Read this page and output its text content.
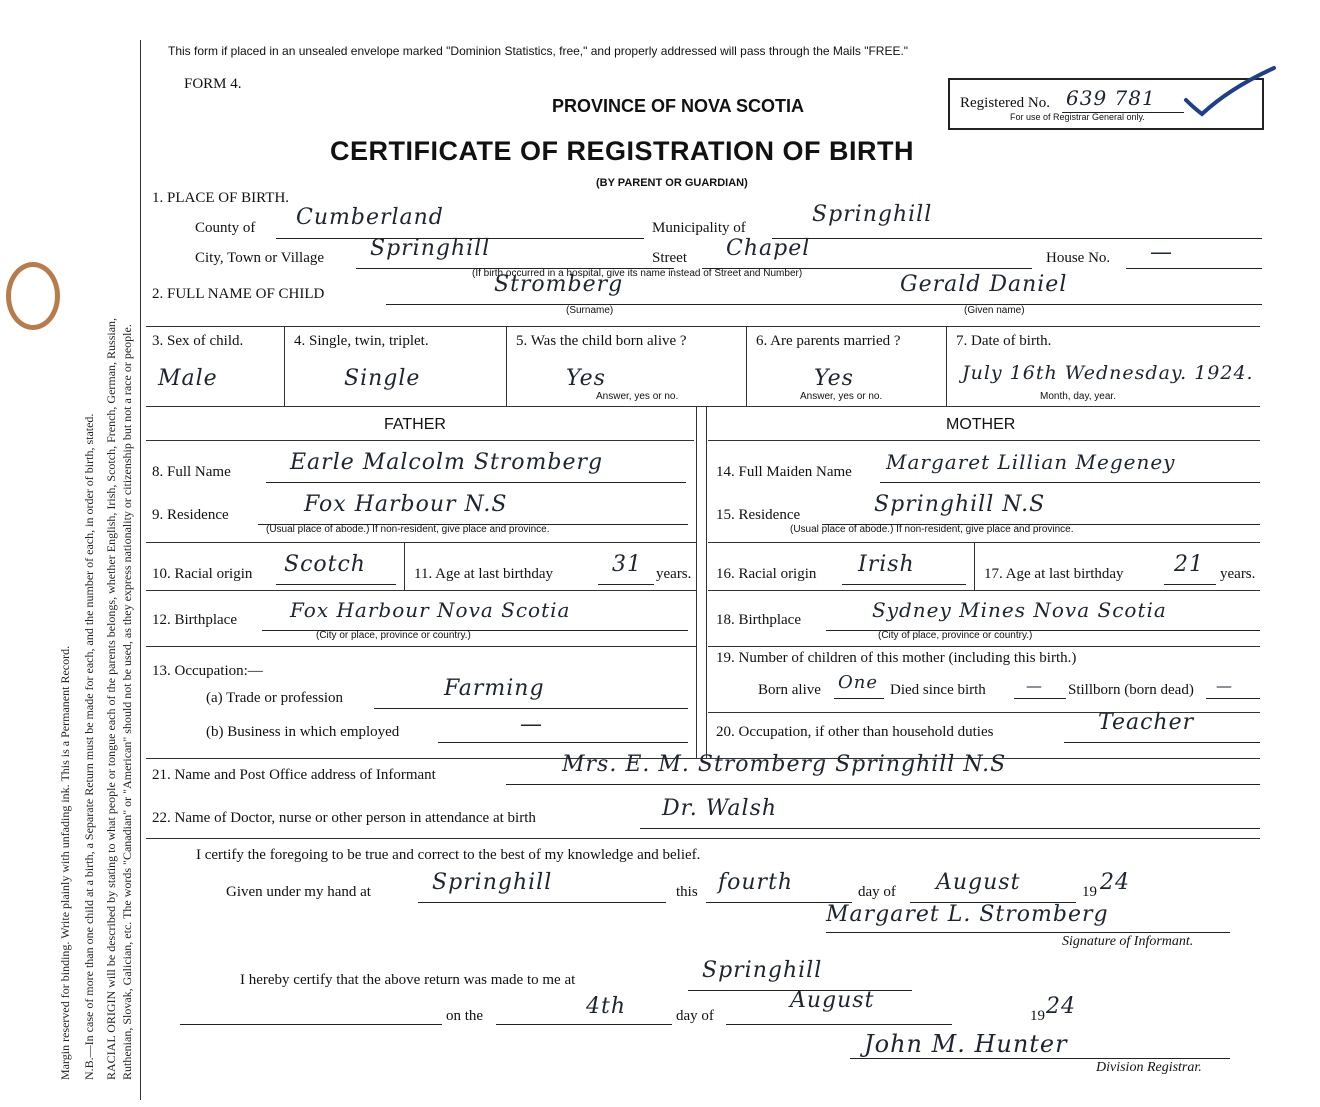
Margin reserved for binding. Write plainly with unfading ink. This is a Permanent Record. N.B.—In case of more than one child at a birth, a Separate Return must be made for each, and the number of each, in order of birth, stated. RACIAL ORIGIN will be described by stating to what people or tongue each of the parents belongs, whether English, Irish, Scotch, French, German, Russian, Ruthenian, Slovak, Galician, etc. The words "Canadian" or "American" should not be used, as they express nationality or citizenship but not a race or people.
This form if placed in an unsealed envelope marked "Dominion Statistics, free," and properly addressed will pass through the Mails "FREE."
FORM 4.
PROVINCE OF NOVA SCOTIA
CERTIFICATE OF REGISTRATION OF BIRTH
(BY PARENT OR GUARDIAN)
Registered No. 639 781
For use of Registrar General only.
1. PLACE OF BIRTH.
County of Cumberland	Municipality of
Springhill
City, Town or Village Springhill	Street Chapel	House No. —
(If birth occurred in a hospital, give its name instead of Street and Number)
2. FULL NAME OF CHILD	Stromberg	Gerald Daniel
(Surname)	(Given name)
3. Sex of child.
Male
4. Single, twin, triplet.
Single
5. Was the child born alive ?
Yes
Answer, yes or no.
6. Are parents married ?
Yes
Answer, yes or no.
7. Date of birth.
July 16th Wednesday. 1924.
Month, day, year.
FATHER	MOTHER
8. Full Name	Earle Malcolm Stromberg
9. Residence	Fox Harbour N.S
(Usual place of abode.) If non-resident, give place and province.
10. Racial origin Scotch	11. Age at last birthday	31 years.
12. Birthplace	Fox Harbour Nova Scotia
(City or place, province or country.)
13. Occupation:—
(a) Trade or profession	Farming
(b) Business in which employed	—
14. Full Maiden Name Margaret Lillian Megeney
15. Residence	Springhill N.S
(Usual place of abode.) If non-resident, give place and province.
16. Racial origin Irish	17. Age at last birthday 21 years.
18. Birthplace	Sydney Mines Nova Scotia
(City of place, province or country.)
19. Number of children of this mother (including this birth.)
Born alive One Died since birth	— Stillborn (born dead) —
20. Occupation, if other than household duties	Teacher
21. Name and Post Office address of Informant	Mrs. E. M. Stromberg Springhill N.S
22. Name of Doctor, nurse or other person in attendance at birth	Dr. Walsh
I certify the foregoing to be true and correct to the best of my knowledge and belief.
Given under my hand at	Springhill	this fourth	day of August	19 24
Margaret L. Stromberg
Signature of Informant.
I hereby certify that the above return was made to me at	Springhill
on the	4th	day of
August
19 24
John M. Hunter
Division Registrar.
